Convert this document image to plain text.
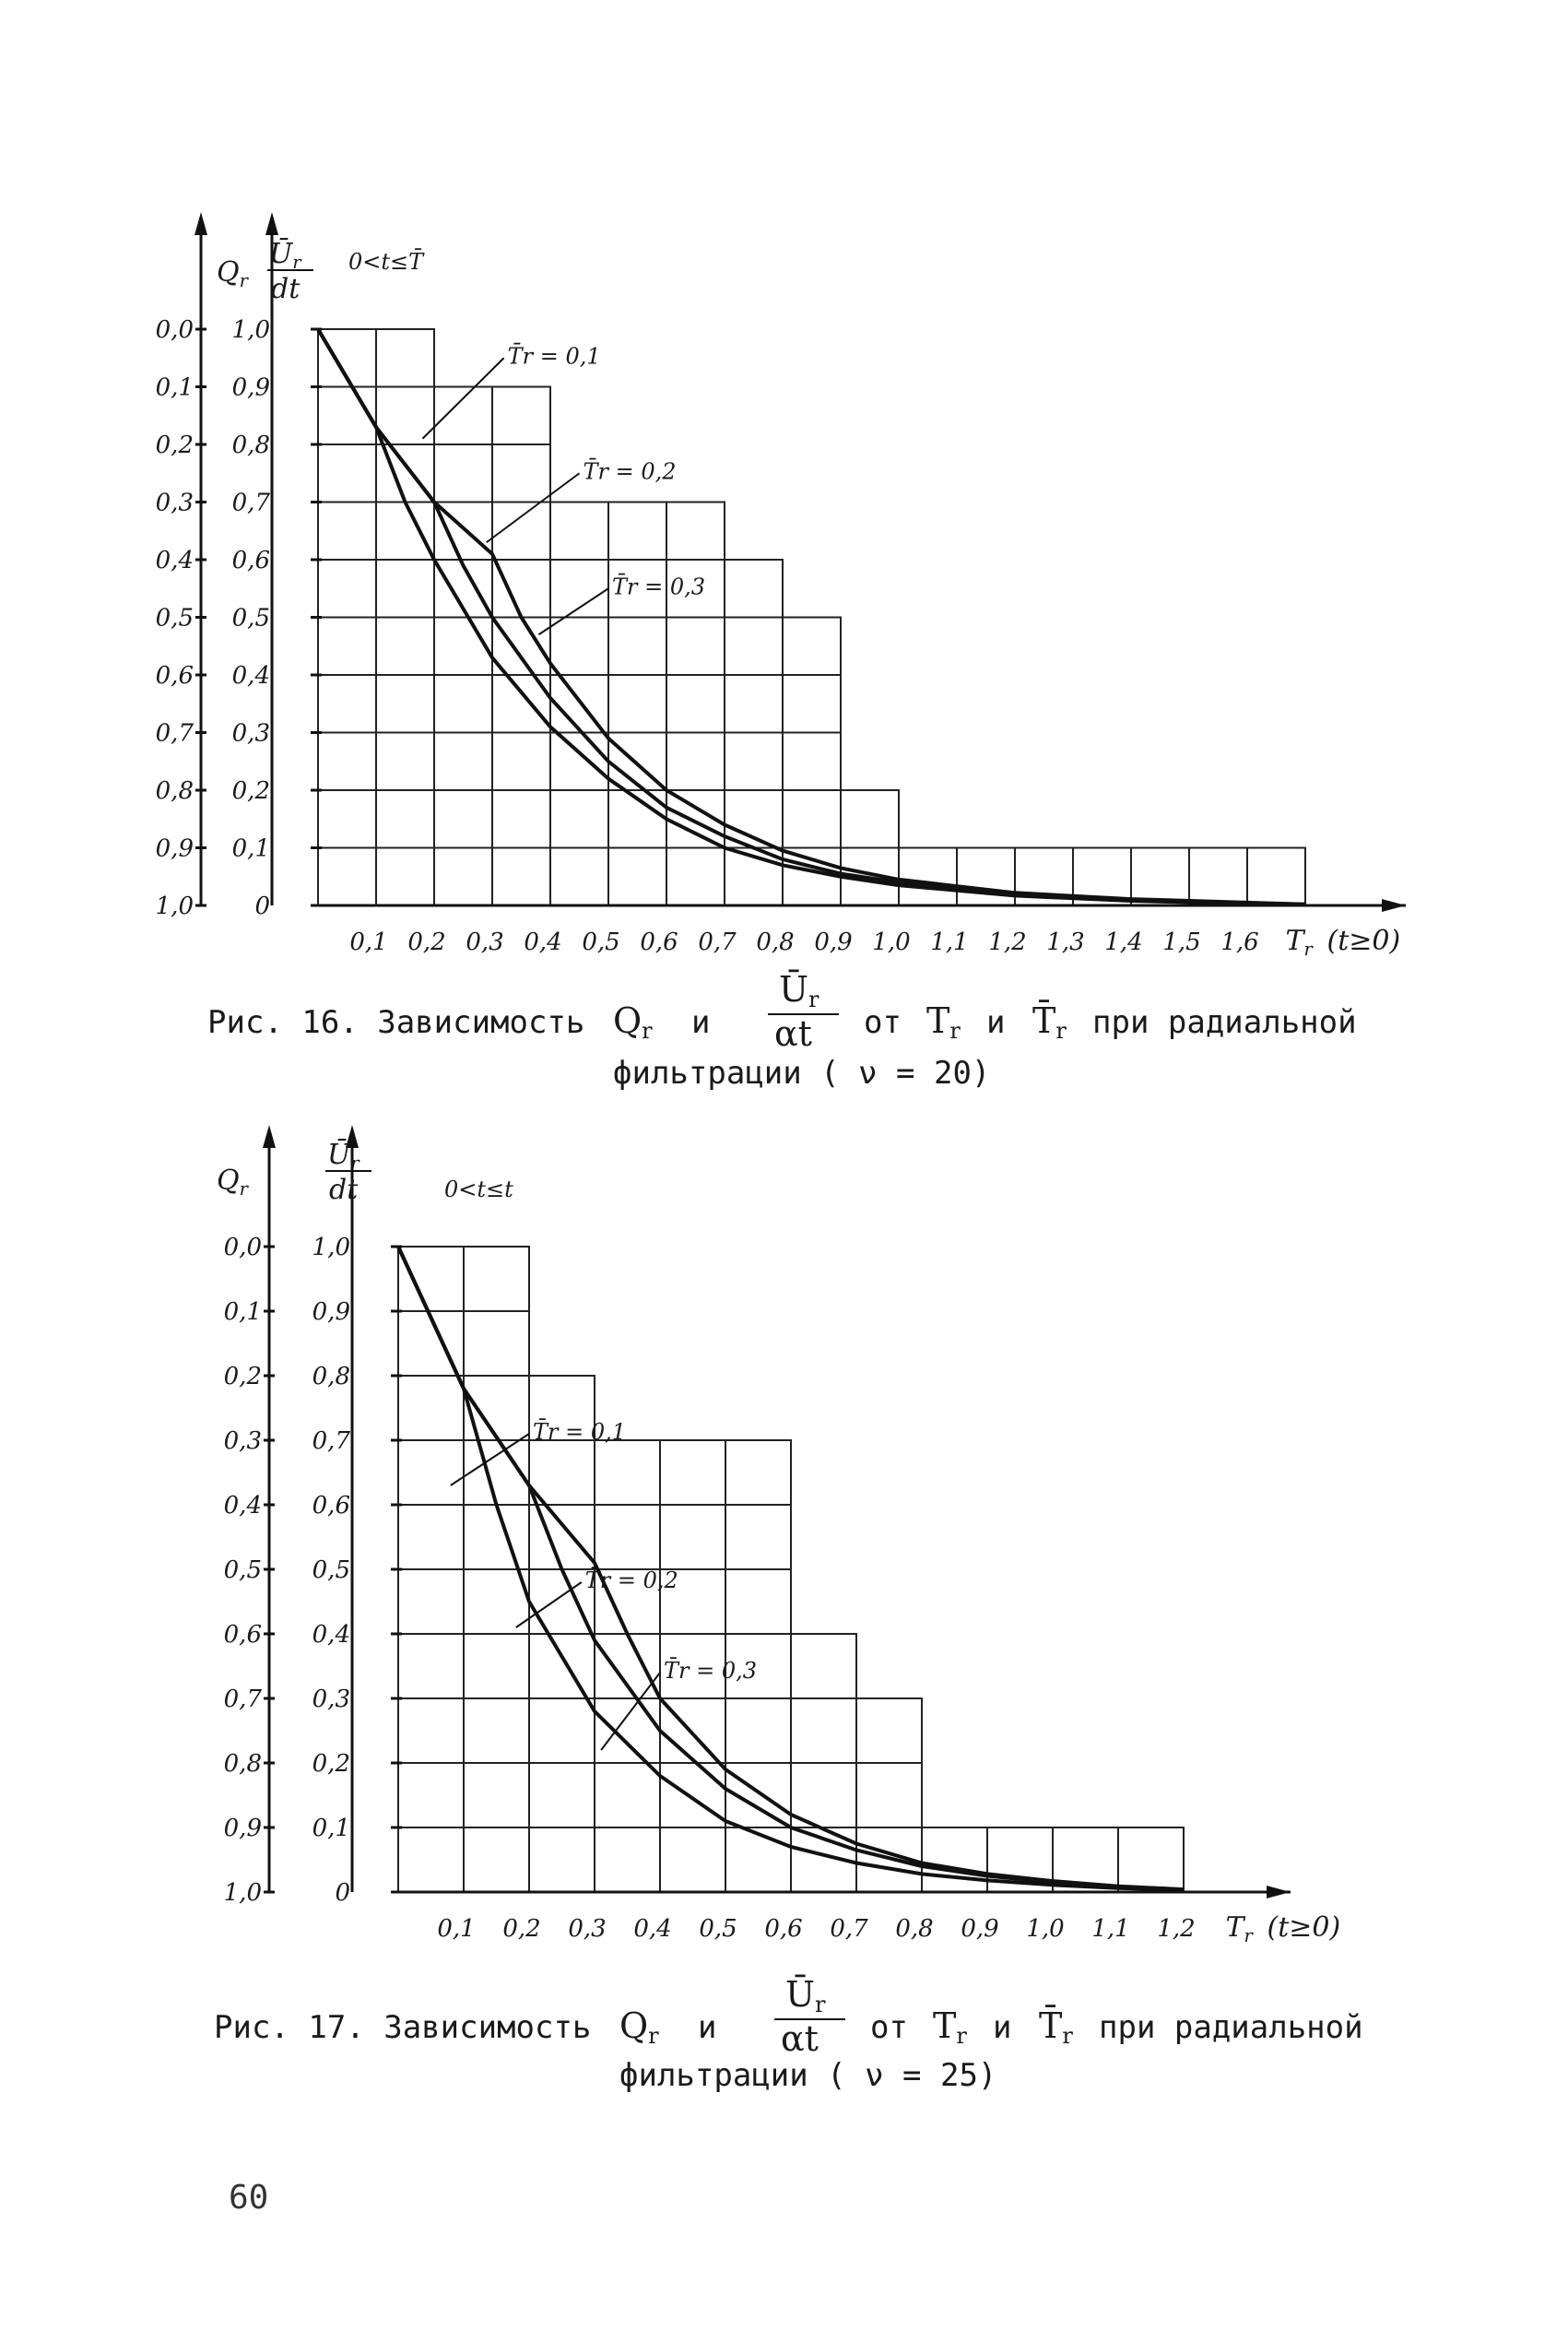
0
0,1
0,2
0,3
0,4
0,5
0,6
0,7
0,8
0,9
1,0
1,0
0,9
0,8
0,7
0,6
0,5
0,4
0,3
0,2
0,1
0,0
0,1 0,2 0,3 0,4 0,5 0,6 0,7 0,8 0,9 1,0 1,1 1,2 1,3 1,4 1,5 1,6 (t≥0)
dt
0<t≤T̄
T̄r = 0,1
T̄r = 0,2
T̄r = 0,3
$T_r$
$Q_r$
$Ū_r$
Рис. 16. Зависимость Qr и
Ūr
αt от Tr и T̄r при радиальной
фильтрации ( ν = 20)
0
0,1
0,2
0,3
0,4
0,5
0,6
0,7
0,8
0,9
1,0
1,0
0,9
0,8
0,7
0,6
0,5
0,4
0,3
0,2
0,1
0,0
0,1 0,2 0,3 0,4 0,5 0,6 0,7 0,8 0,9 1,0 1,1 1,2	(t≥0)
dt	0<t≤t
T̄r = 0,1
T̄r = 0,2
T̄r = 0,3
$T_r$
$Q_r$
$Ū_r$
Рис. 17. Зависимость Qr и
Ūr
αt от Tr и T̄r при радиальной
фильтрации ( ν = 25)
60
